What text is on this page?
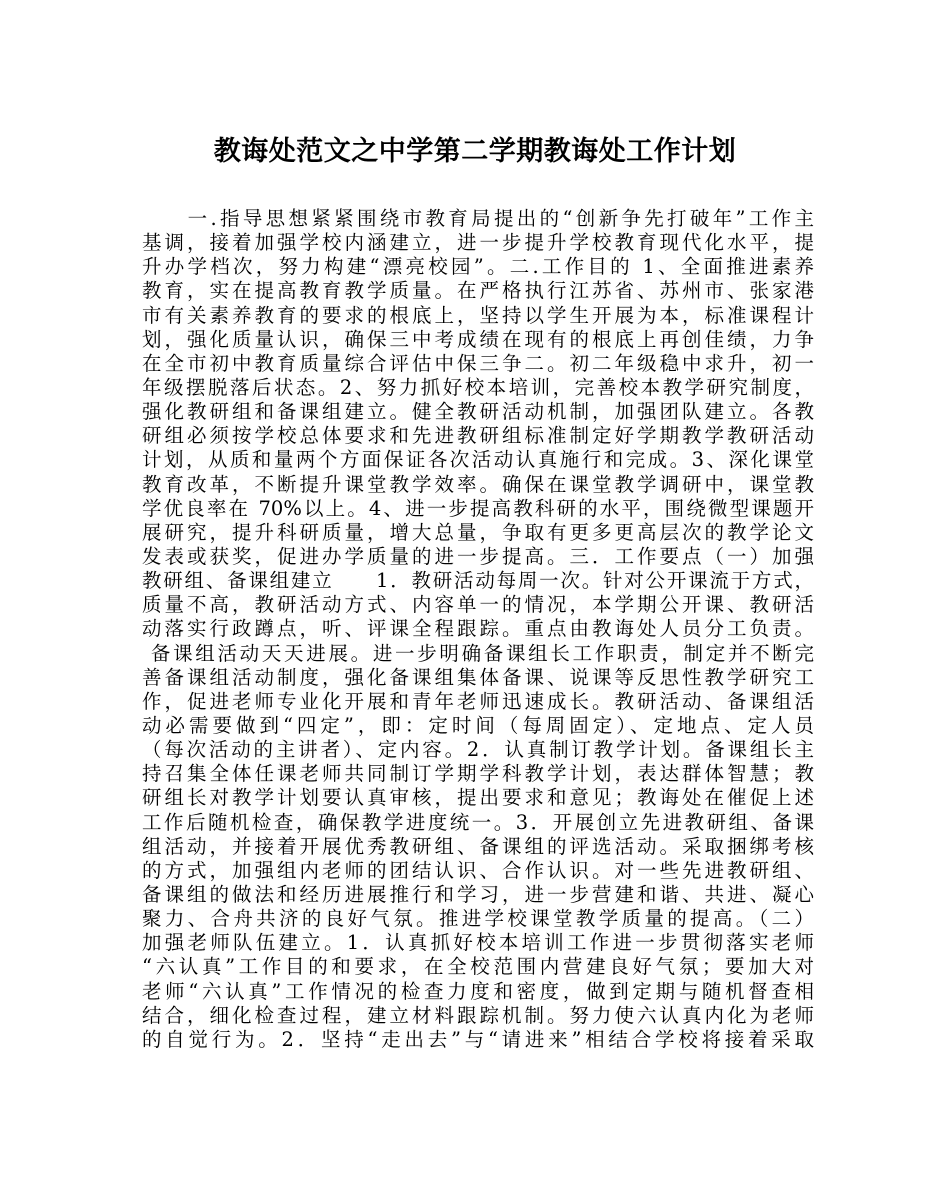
教诲处范文之中学第二学期教诲处工作计划
　　一.指导思想紧紧围绕市教育局提出的“创新争先打破年”工作主
基调，接着加强学校内涵建立，进一步提升学校教育现代化水平，提
升办学档次，努力构建“漂亮校园”。二.工作目的 1、全面推进素养
教育，实在提高教育教学质量。在严格执行江苏省、苏州市、张家港
市有关素养教育的要求的根底上，坚持以学生开展为本，标准课程计
划，强化质量认识，确保三中考成绩在现有的根底上再创佳绩，力争
在全市初中教育质量综合评估中保三争二。初二年级稳中求升，初一
年级摆脱落后状态。2、努力抓好校本培训，完善校本教学研究制度，
强化教研组和备课组建立。健全教研活动机制，加强团队建立。各教
研组必须按学校总体要求和先进教研组标准制定好学期教学教研活动
计划，从质和量两个方面保证各次活动认真施行和完成。3、深化课堂
教育改革，不断提升课堂教学效率。确保在课堂教学调研中，课堂教
学优良率在 70%以上。4、进一步提高教科研的水平，围绕微型课题开
展研究，提升科研质量，增大总量，争取有更多更高层次的教学论文
发表或获奖，促进办学质量的进一步提高。三．工作要点（一）加强
教研组、备课组建立　　1．教研活动每周一次。针对公开课流于方式，
质量不高，教研活动方式、内容单一的情况，本学期公开课、教研活
动落实行政蹲点，听、评课全程跟踪。重点由教诲处人员分工负责。
备课组活动天天进展。进一步明确备课组长工作职责，制定并不断完
善备课组活动制度，强化备课组集体备课、说课等反思性教学研究工
作，促进老师专业化开展和青年老师迅速成长。教研活动、备课组活
动必需要做到“四定”，即：定时间（每周固定）、定地点、定人员
（每次活动的主讲者）、定内容。2．认真制订教学计划。备课组长主
持召集全体任课老师共同制订学期学科教学计划，表达群体智慧；教
研组长对教学计划要认真审核，提出要求和意见；教诲处在催促上述
工作后随机检查，确保教学进度统一。3．开展创立先进教研组、备课
组活动，并接着开展优秀教研组、备课组的评选活动。采取捆绑考核
的方式，加强组内老师的团结认识、合作认识。对一些先进教研组、
备课组的做法和经历进展推行和学习，进一步营建和谐、共进、凝心
聚力、合舟共济的良好气氛。推进学校课堂教学质量的提高。（二）
加强老师队伍建立。1．认真抓好校本培训工作进一步贯彻落实老师
“六认真”工作目的和要求，在全校范围内营建良好气氛；要加大对
老师“六认真”工作情况的检查力度和密度，做到定期与随机督查相
结合，细化检查过程，建立材料跟踪机制。努力使六认真内化为老师
的自觉行为。2．坚持“走出去”与“请进来”相结合学校将接着采取
